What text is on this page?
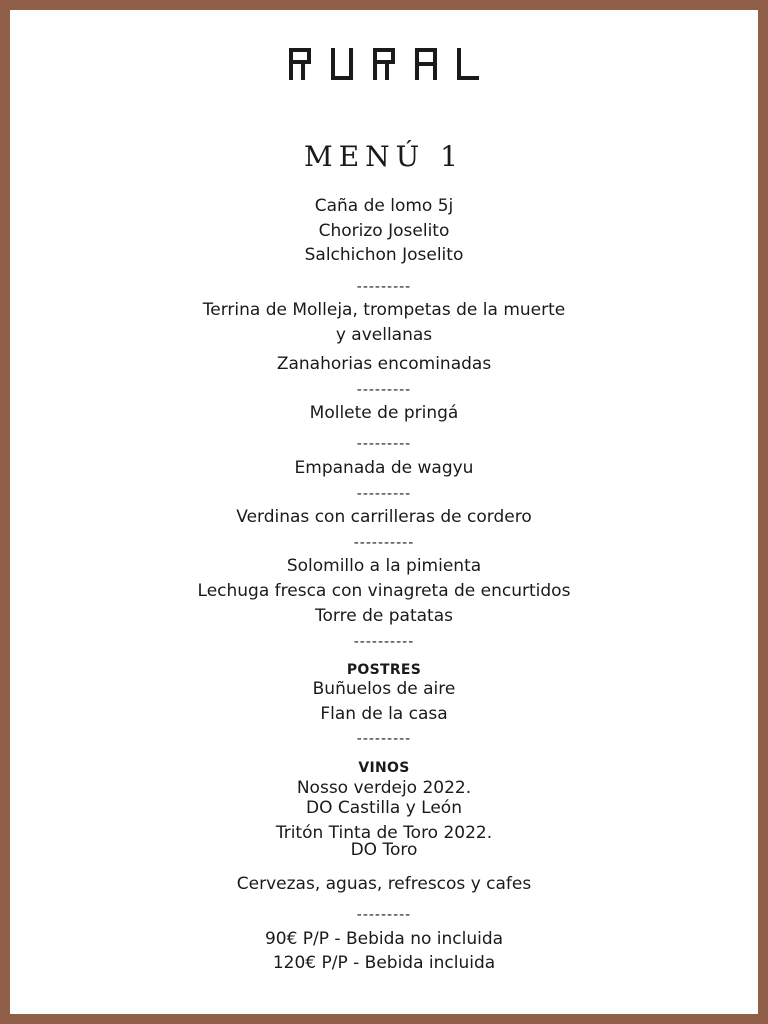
MENÚ 1
Caña de lomo 5j
Chorizo Joselito
Salchichon Joselito
---------
Terrina de Molleja, trompetas de la muerte
y avellanas
Zanahorias encominadas
---------
Mollete de pringá
---------
Empanada de wagyu
---------
Verdinas con carrilleras de cordero
----------
Solomillo a la pimienta
Lechuga fresca con vinagreta de encurtidos
Torre de patatas
----------
POSTRES
Buñuelos de aire
Flan de la casa
---------
VINOS
Nosso verdejo 2022.
DO Castilla y León
Tritón Tinta de Toro 2022.
DO Toro
Cervezas, aguas, refrescos y cafes
---------
90€ P/P - Bebida no incluida
120€ P/P - Bebida incluida
